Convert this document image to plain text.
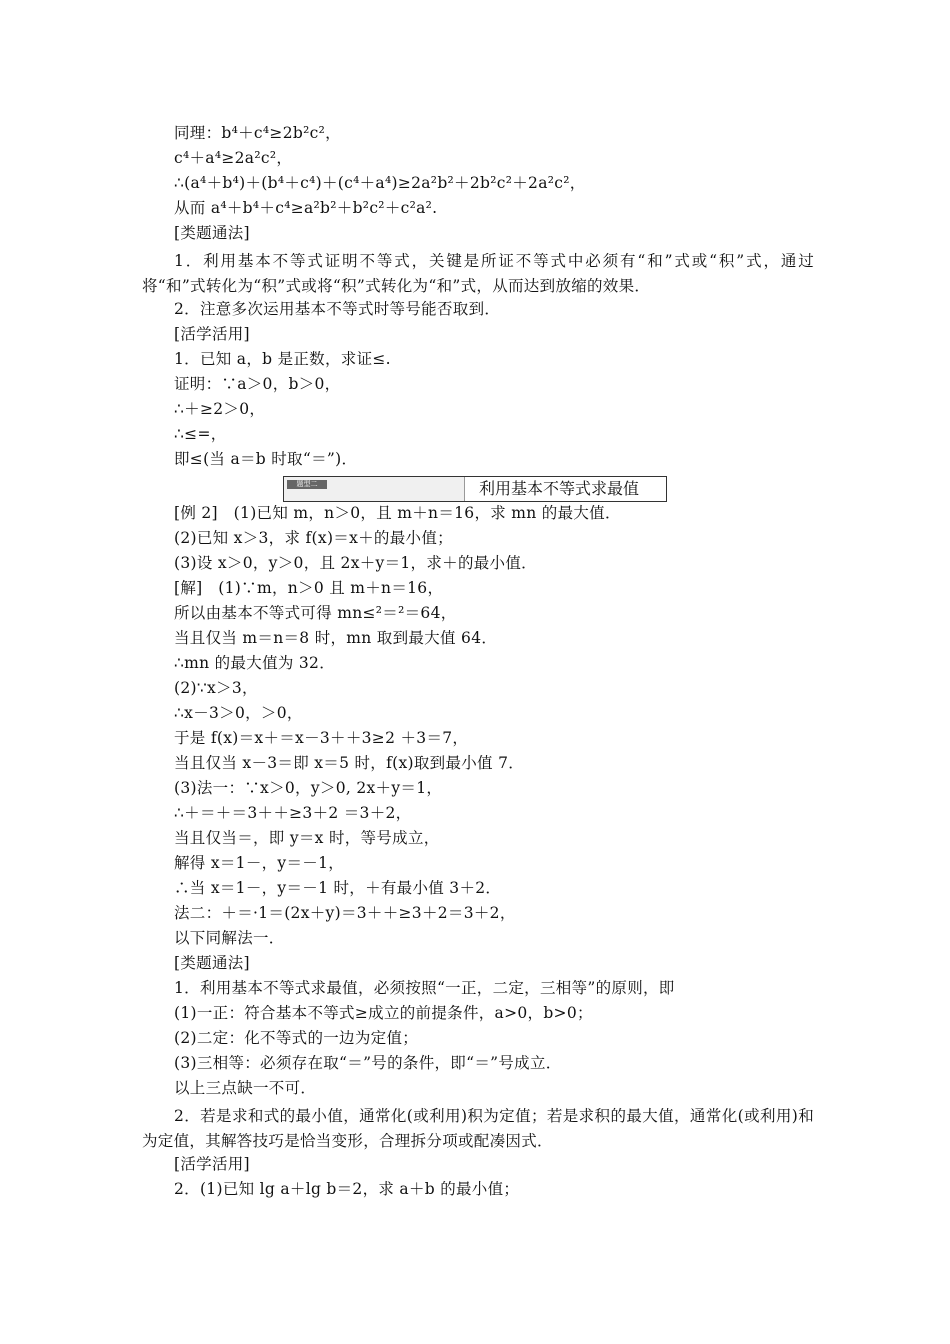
同理：b⁴＋c⁴≥2b²c²，
c⁴＋a⁴≥2a²c²，
∴(a⁴＋b⁴)＋(b⁴＋c⁴)＋(c⁴＋a⁴)≥2a²b²＋2b²c²＋2a²c²，
从而 a⁴＋b⁴＋c⁴≥a²b²＋b²c²＋c²a².
[类题通法]
1．利用基本不等式证明不等式，关键是所证不等式中必须有“和”式或“积”式，通过将“和”式转化为“积”式或将“积”式转化为“和”式，从而达到放缩的效果．
2．注意多次运用基本不等式时等号能否取到．
[活学活用]
1．已知 a，b 是正数，求证≤.
证明：∵a＞0，b＞0，
∴＋≥2＞0，
∴≤=，
即≤(当 a＝b 时取“＝”)．
题型二	利用基本不等式求最值
[例 2]　(1)已知 m，n＞0，且 m＋n＝16，求 mn 的最大值．
(2)已知 x＞3，求 f(x)＝x＋的最小值；
(3)设 x＞0，y＞0，且 2x＋y＝1，求＋的最小值．
[解]　(1)∵m，n＞0 且 m＋n＝16，
所以由基本不等式可得 mn≤²＝²＝64，
当且仅当 m＝n＝8 时，mn 取到最大值 64．
∴mn 的最大值为 32．
(2)∵x＞3，
∴x－3＞0，＞0，
于是 f(x)＝x＋＝x－3＋＋3≥2 ＋3＝7，
当且仅当 x－3＝即 x＝5 时，f(x)取到最小值 7．
(3)法一：∵x＞0，y＞0, 2x＋y＝1，
∴＋＝＋＝3＋＋≥3＋2 ＝3＋2，
当且仅当＝，即 y＝x 时，等号成立，
解得 x＝1－，y＝－1，
∴当 x＝1－，y＝－1 时，＋有最小值 3＋2．
法二：＋＝·1＝(2x＋y)＝3＋＋≥3＋2＝3＋2，
以下同解法一．
[类题通法]
1．利用基本不等式求最值，必须按照“一正，二定，三相等”的原则，即
(1)一正：符合基本不等式≥成立的前提条件，a>0，b>0；
(2)二定：化不等式的一边为定值；
(3)三相等：必须存在取“＝”号的条件，即“＝”号成立．
以上三点缺一不可．
2．若是求和式的最小值，通常化(或利用)积为定值；若是求积的最大值，通常化(或利用)和为定值，其解答技巧是恰当变形，合理拆分项或配凑因式．
[活学活用]
2．(1)已知 lg a＋lg b＝2，求 a＋b 的最小值；
